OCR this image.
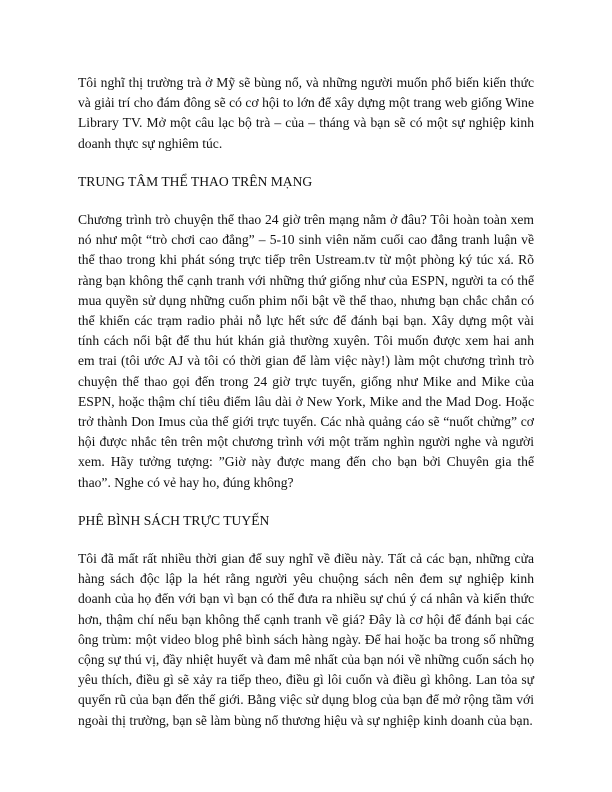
Tôi nghĩ thị trường trà ở Mỹ sẽ bùng nổ, và những người muốn phổ biến kiến thức và giải trí cho đám đông sẽ có cơ hội to lớn để xây dựng một trang web giống Wine Library TV. Mở một câu lạc bộ trà – của – tháng và bạn sẽ có một sự nghiệp kinh doanh thực sự nghiêm túc.

TRUNG TÂM THỂ THAO TRÊN MẠNG

Chương trình trò chuyện thể thao 24 giờ trên mạng nằm ở đâu? Tôi hoàn toàn xem nó như một “trò chơi cao đẳng” – 5-10 sinh viên năm cuối cao đẳng tranh luận về thể thao trong khi phát sóng trực tiếp trên Ustream.tv từ một phòng ký túc xá. Rõ ràng bạn không thể cạnh tranh với những thứ giống như của ESPN, người ta có thể mua quyền sử dụng những cuốn phim nổi bật về thể thao, nhưng bạn chắc chắn có thể khiến các trạm radio phải nỗ lực hết sức để đánh bại bạn. Xây dựng một vài tính cách nổi bật để thu hút khán giả thường xuyên. Tôi muốn được xem hai anh em trai (tôi ước AJ và tôi có thời gian để làm việc này!) làm một chương trình trò chuyện thể thao gọi đến trong 24 giờ trực tuyến, giống như Mike and Mike của ESPN, hoặc thậm chí tiêu điểm lâu dài ở New York, Mike and the Mad Dog. Hoặc trở thành Don Imus của thế giới trực tuyến. Các nhà quảng cáo sẽ “nuốt chửng” cơ hội được nhắc tên trên một chương trình với một trăm nghìn người nghe và người xem. Hãy tưởng tượng: ”Giờ này được mang đến cho bạn bởi Chuyên gia thể thao”. Nghe có vẻ hay ho, đúng không?

PHÊ BÌNH SÁCH TRỰC TUYẾN

Tôi đã mất rất nhiều thời gian để suy nghĩ về điều này. Tất cả các bạn, những cửa hàng sách độc lập la hét rằng người yêu chuộng sách nên đem sự nghiệp kinh doanh của họ đến với bạn vì bạn có thể đưa ra nhiều sự chú ý cá nhân và kiến thức hơn, thậm chí nếu bạn không thể cạnh tranh về giá? Đây là cơ hội để đánh bại các ông trùm: một video blog phê bình sách hàng ngày. Để hai hoặc ba trong số những cộng sự thú vị, đầy nhiệt huyết và đam mê nhất của bạn nói về những cuốn sách họ yêu thích, điều gì sẽ xảy ra tiếp theo, điều gì lôi cuốn và điều gì không. Lan tỏa sự quyến rũ của bạn đến thế giới. Bằng việc sử dụng blog của bạn để mở rộng tầm với ngoài thị trường, bạn sẽ làm bùng nổ thương hiệu và sự nghiệp kinh doanh của bạn.
